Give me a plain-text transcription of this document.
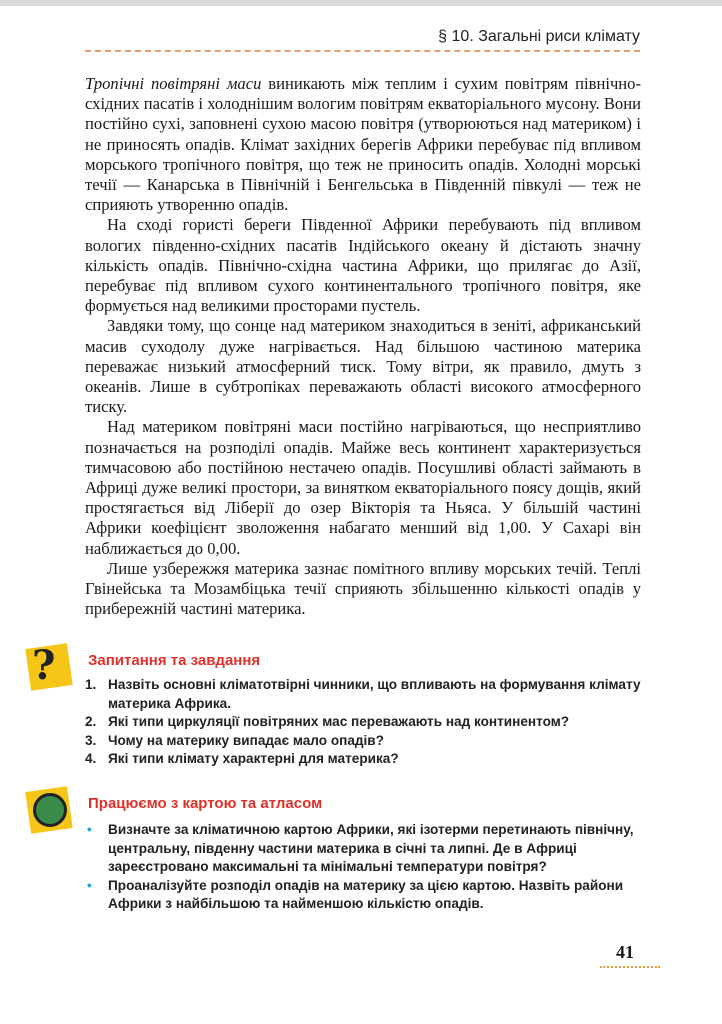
§ 10. Загальні риси клімату

Тропічні повітряні маси виникають між теплим і сухим повітрям північно-східних пасатів і холоднішим вологим повітрям екваторіального мусону. Вони постійно сухі, заповнені сухою масою повітря (утворюються над материком) і не приносять опадів. Клімат західних берегів Африки перебуває під впливом морського тропічного повітря, що теж не приносить опадів. Холодні морські течії — Канарська в Північній і Бенгельська в Південній півкулі — теж не сприяють утворенню опадів.

На сході гористі береги Південної Африки перебувають під впливом вологих південно-східних пасатів Індійського океану й дістають значну кількість опадів. Північно-східна частина Африки, що прилягає до Азії, перебуває під впливом сухого континентального тропічного повітря, яке формується над великими просторами пустель.

Завдяки тому, що сонце над материком знаходиться в зеніті, африканський масив суходолу дуже нагрівається. Над більшою частиною материка переважає низький атмосферний тиск. Тому вітри, як правило, дмуть з океанів. Лише в субтропіках переважають області високого атмосферного тиску.

Над материком повітряні маси постійно нагріваються, що несприятливо позначається на розподілі опадів. Майже весь континент характеризується тимчасовою або постійною нестачею опадів. Посушливі області займають в Африці дуже великі простори, за винятком екваторіального поясу дощів, який простягається від Ліберії до озер Вікторія та Ньяса. У більшій частині Африки коефіцієнт зволоження набагато менший від 1,00. У Сахарі він наближається до 0,00.

Лише узбережжя материка зазнає помітного впливу морських течій. Теплі Гвінейська та Мозамбіцька течії сприяють збільшенню кількості опадів у прибережній частині материка.

? Запитання та завдання
1. Назвіть основні кліматотвірні чинники, що впливають на формування клімату материка Африка.
2. Які типи циркуляції повітряних мас переважають над континентом?
3. Чому на материку випадає мало опадів?
4. Які типи клімату характерні для материка?
Працюємо з картою та атласом
• Визначте за кліматичною картою Африки, які ізотерми перетинають північну, центральну, південну частини материка в січні та липні. Де в Африці зареєстровано максимальні та мінімальні температури повітря?
• Проаналізуйте розподіл опадів на материку за цією картою. Назвіть райони Африки з найбільшою та найменшою кількістю опадів.
41
